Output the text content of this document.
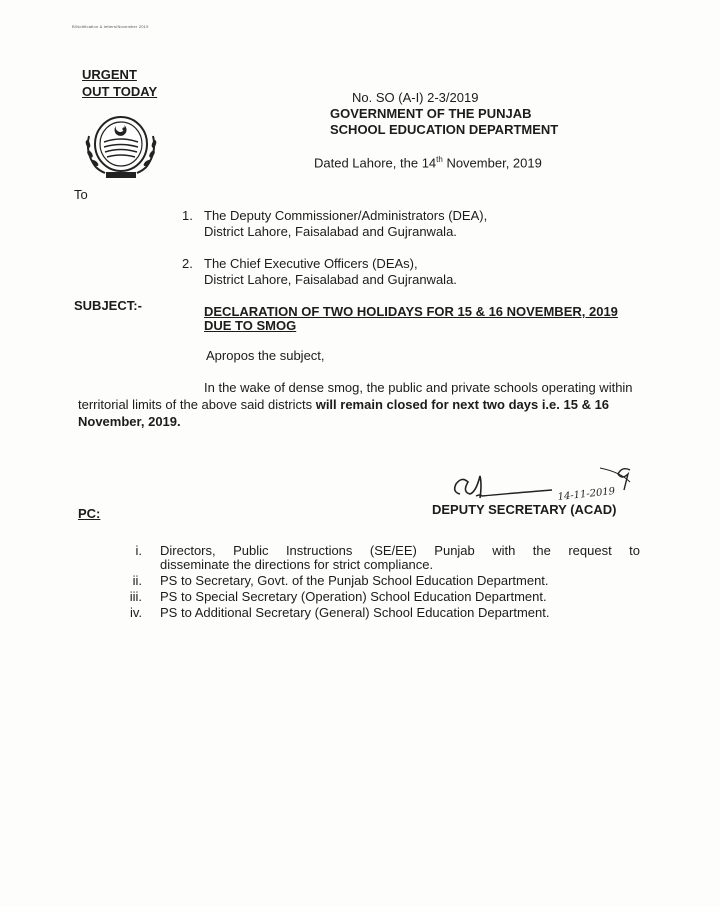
B/Notification & letters/November 2019
URGENT
OUT TODAY	No. SO (A-I) 2-3/2019
GOVERNMENT OF THE PUNJAB
SCHOOL EDUCATION DEPARTMENT
Dated Lahore, the 14th November, 2019
To
1. The Deputy Commissioner/Administrators (DEA),
District Lahore, Faisalabad and Gujranwala.
2. The Chief Executive Officers (DEAs),
District Lahore, Faisalabad and Gujranwala.
SUBJECT:-	DECLARATION OF TWO HOLIDAYS FOR 15 & 16 NOVEMBER, 2019 DUE TO SMOG
Apropos the subject,
In the wake of dense smog, the public and private schools operating within territorial limits of the above said districts will remain closed for next two days i.e. 15 & 16 November, 2019.
14-11-2019
DEPUTY SECRETARY (ACAD)
PC:
i. Directors, Public Instructions (SE/EE) Punjab with the request to
disseminate the directions for strict compliance.
ii. PS to Secretary, Govt. of the Punjab School Education Department.
iii. PS to Special Secretary (Operation) School Education Department.
iv. PS to Additional Secretary (General) School Education Department.
